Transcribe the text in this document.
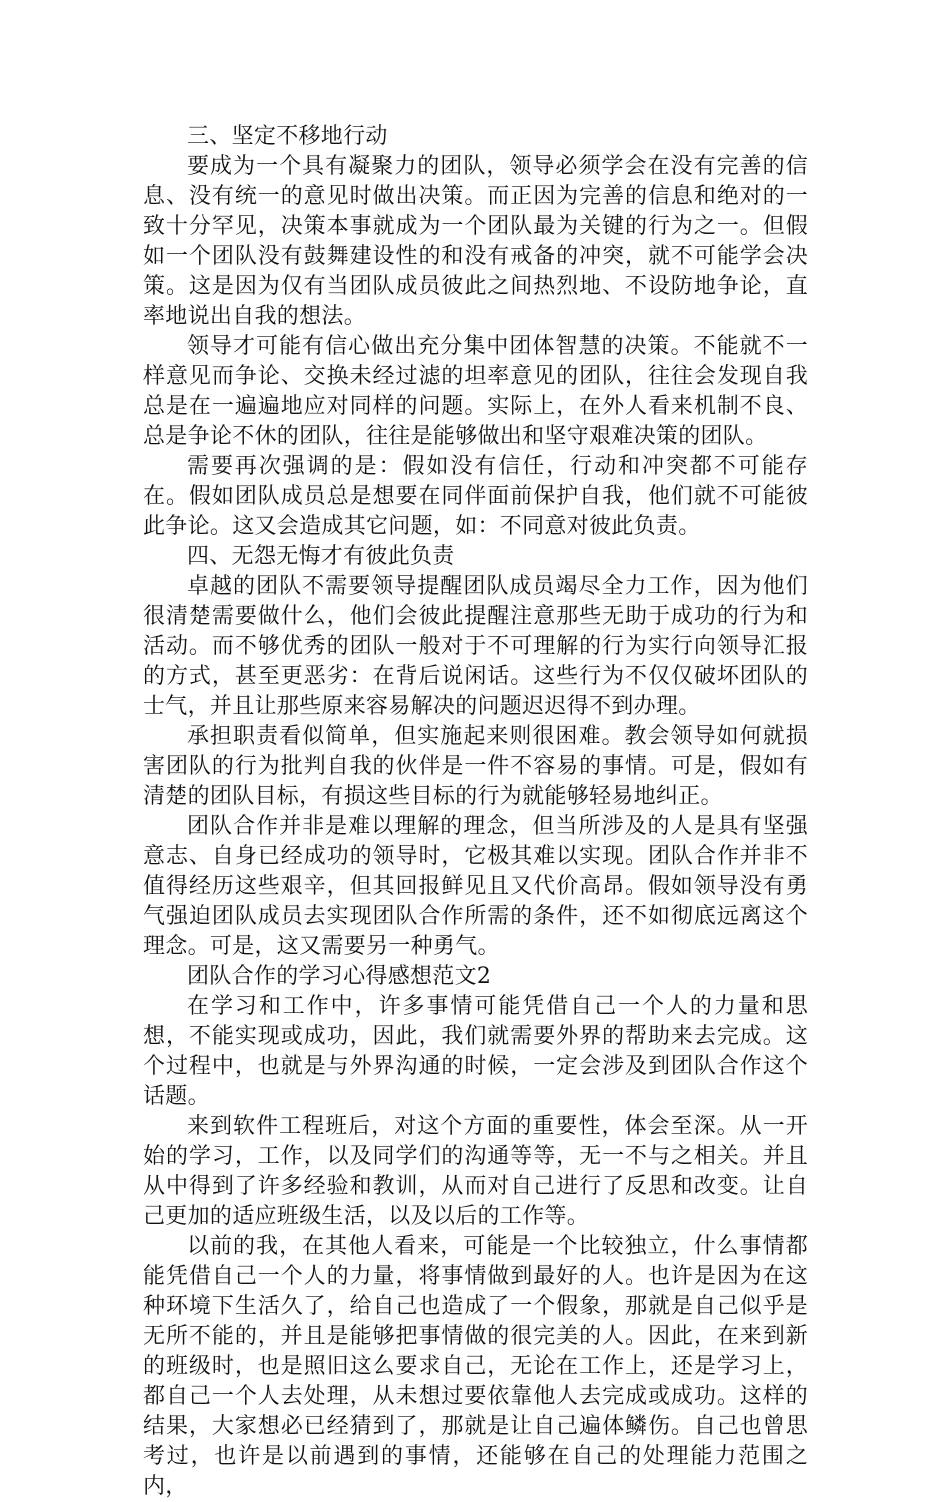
三、坚定不移地行动

要成为一个具有凝聚力的团队，领导必须学会在没有完善的信息、没有统一的意见时做出决策。而正因为完善的信息和绝对的一致十分罕见，决策本事就成为一个团队最为关键的行为之一。但假如一个团队没有鼓舞建设性的和没有戒备的冲突，就不可能学会决策。这是因为仅有当团队成员彼此之间热烈地、不设防地争论，直率地说出自我的想法。

领导才可能有信心做出充分集中团体智慧的决策。不能就不一样意见而争论、交换未经过滤的坦率意见的团队，往往会发现自我总是在一遍遍地应对同样的问题。实际上，在外人看来机制不良、总是争论不休的团队，往往是能够做出和坚守艰难决策的团队。

需要再次强调的是：假如没有信任，行动和冲突都不可能存在。假如团队成员总是想要在同伴面前保护自我，他们就不可能彼此争论。这又会造成其它问题，如：不同意对彼此负责。

四、无怨无悔才有彼此负责

卓越的团队不需要领导提醒团队成员竭尽全力工作，因为他们很清楚需要做什么，他们会彼此提醒注意那些无助于成功的行为和活动。而不够优秀的团队一般对于不可理解的行为实行向领导汇报的方式，甚至更恶劣：在背后说闲话。这些行为不仅仅破坏团队的士气，并且让那些原来容易解决的问题迟迟得不到办理。

承担职责看似简单，但实施起来则很困难。教会领导如何就损害团队的行为批判自我的伙伴是一件不容易的事情。可是，假如有清楚的团队目标，有损这些目标的行为就能够轻易地纠正。

团队合作并非是难以理解的理念，但当所涉及的人是具有坚强意志、自身已经成功的领导时，它极其难以实现。团队合作并非不值得经历这些艰辛，但其回报鲜见且又代价高昂。假如领导没有勇气强迫团队成员去实现团队合作所需的条件，还不如彻底远离这个理念。可是，这又需要另一种勇气。

团队合作的学习心得感想范文2

在学习和工作中，许多事情可能凭借自己一个人的力量和思想，不能实现或成功，因此，我们就需要外界的帮助来去完成。这个过程中，也就是与外界沟通的时候，一定会涉及到团队合作这个话题。

来到软件工程班后，对这个方面的重要性，体会至深。从一开始的学习，工作，以及同学们的沟通等等，无一不与之相关。并且从中得到了许多经验和教训，从而对自己进行了反思和改变。让自己更加的适应班级生活，以及以后的工作等。

以前的我，在其他人看来，可能是一个比较独立，什么事情都能凭借自己一个人的力量，将事情做到最好的人。也许是因为在这种环境下生活久了，给自己也造成了一个假象，那就是自己似乎是无所不能的，并且是能够把事情做的很完美的人。因此，在来到新的班级时，也是照旧这么要求自己，无论在工作上，还是学习上，都自己一个人去处理，从未想过要依靠他人去完成或成功。这样的结果，大家想必已经猜到了，那就是让自己遍体鳞伤。自己也曾思考过，也许是以前遇到的事情，还能够在自己的处理能力范围之内，
